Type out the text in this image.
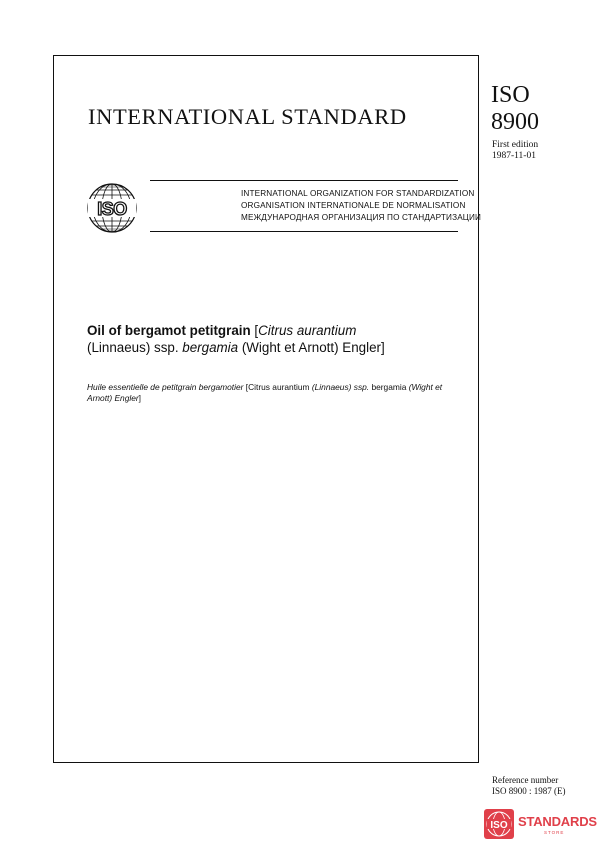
INTERNATIONAL STANDARD
ISO
8900
First edition
1987-11-01
ISO
INTERNATIONAL ORGANIZATION FOR STANDARDIZATION
ORGANISATION INTERNATIONALE DE NORMALISATION
МЕЖДУНАРОДНАЯ ОРГАНИЗАЦИЯ ПО СТАНДАРТИЗАЦИИ
Oil of bergamot petitgrain [Citrus aurantium
(Linnaeus) ssp. bergamia (Wight et Arnott) Engler]
Huile essentielle de petitgrain bergamotier [Citrus aurantium (Linnaeus) ssp. bergamia (Wight et Arnott) Engler]
Reference number
ISO 8900 : 1987 (E)
ISO STANDARDS
STORE
